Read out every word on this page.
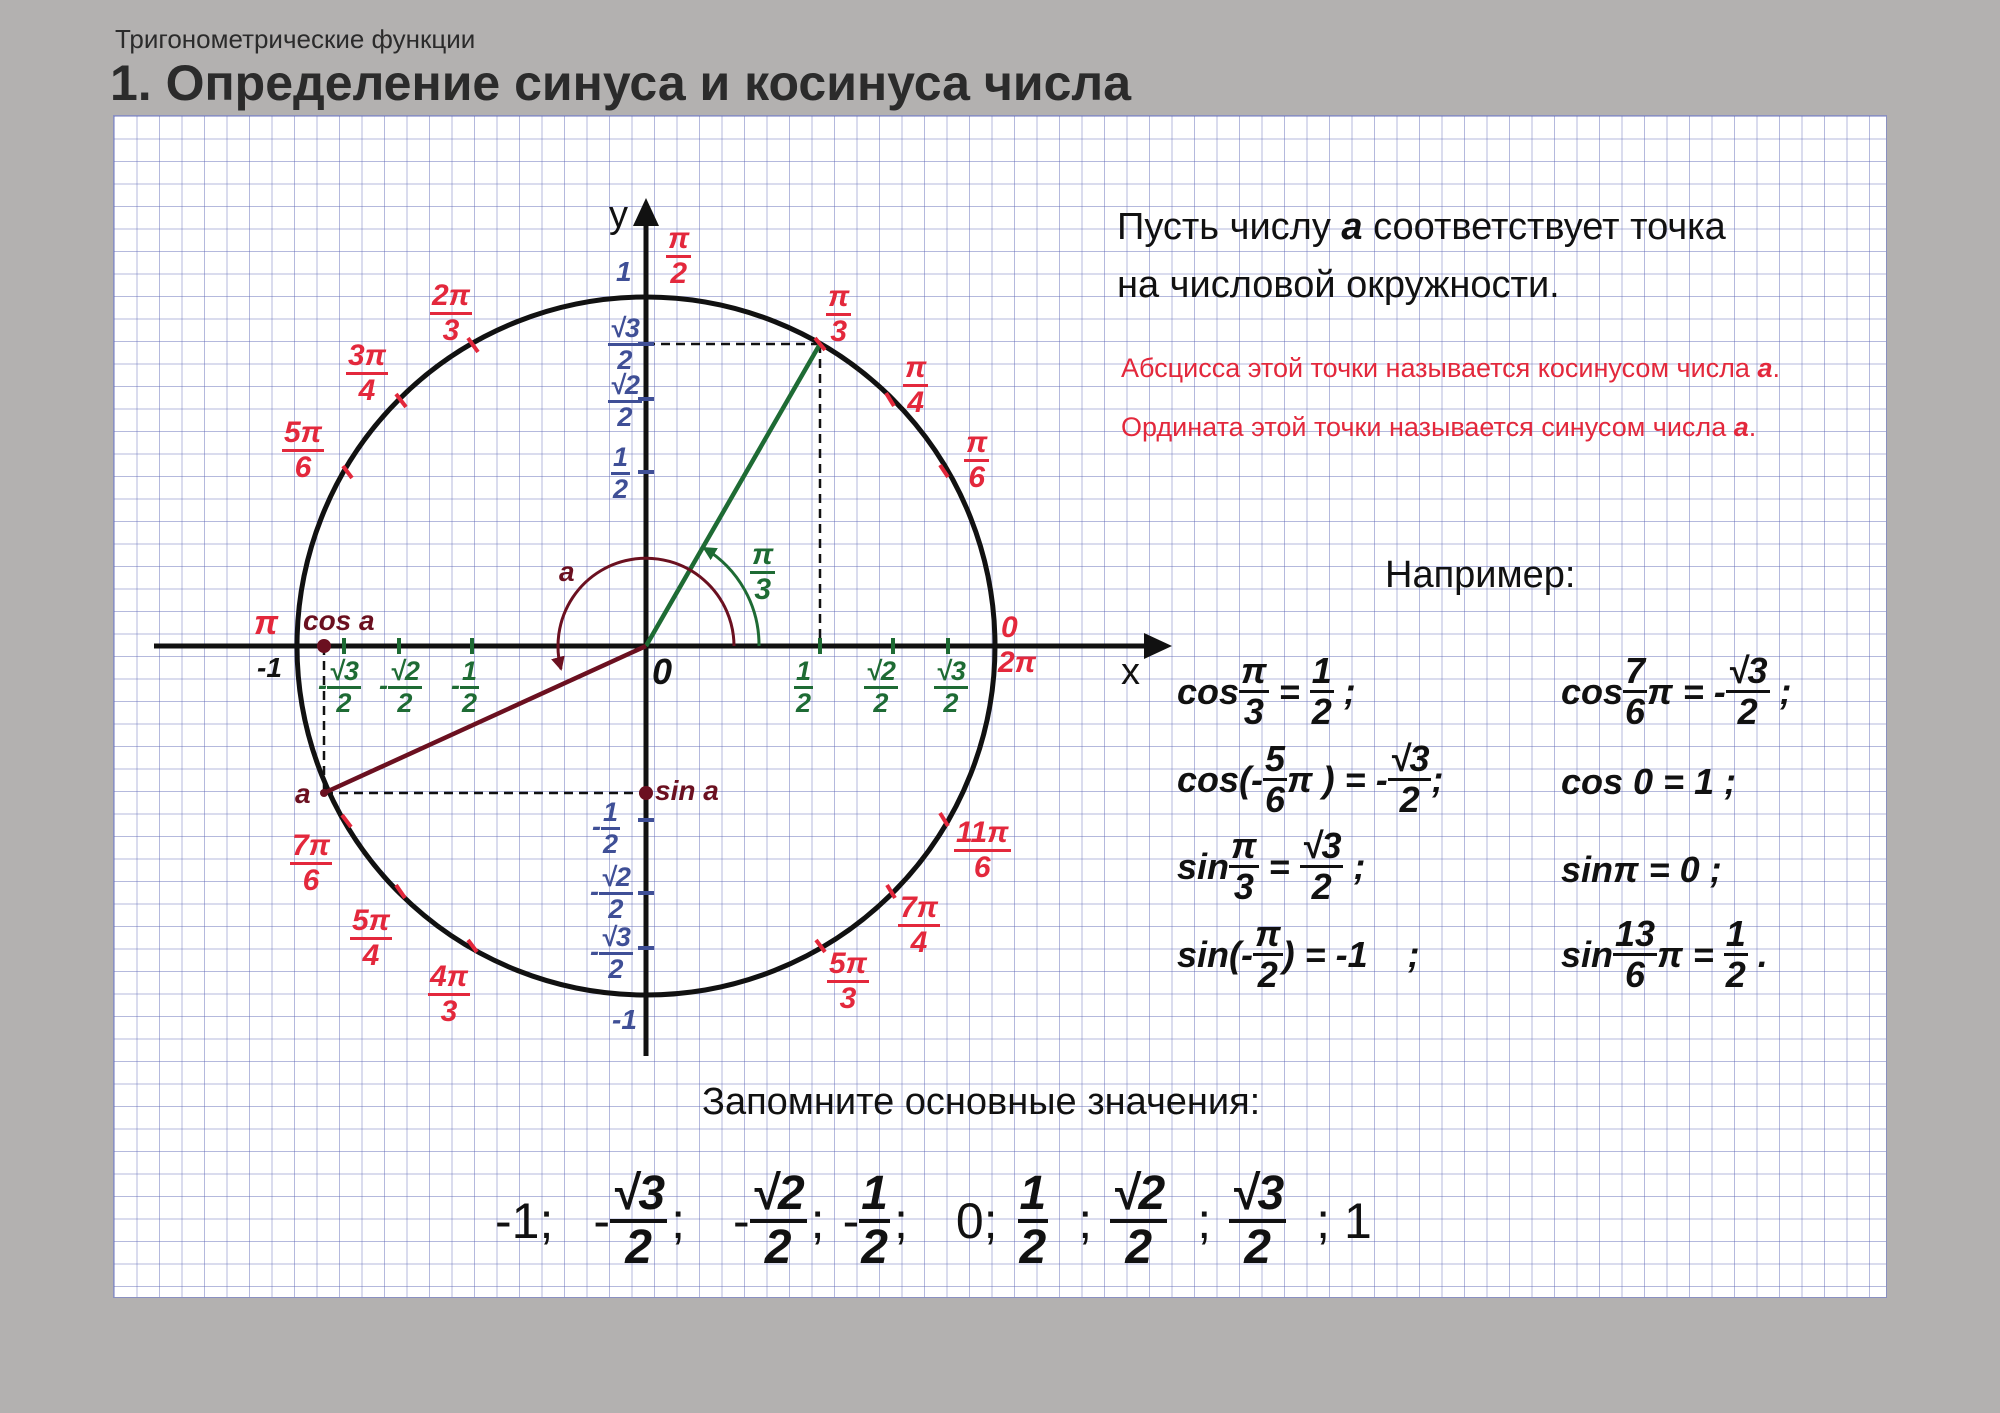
Тригонометрические функции
1. Определение синуса и косинуса числа
y
x
0
$\frac{\pi}{2}$
$\frac{\pi}{3}$
$\frac{\pi}{4}$
$\frac{\pi}{6}$
$\frac{2\pi}{3}$
$\frac{3\pi}{4}$
$\frac{5\pi}{6}$
$\frac{7\pi}{6}$
$\frac{5\pi}{4}$
$\frac{4\pi}{3}$	$\frac{5\pi}{3}$
$\frac{7\pi}{4}$
$\frac{11\pi}{6}$
π	0
2π
cos a
sin a
a
a	$\frac{\pi}{3}$
-1
1
-1
$\frac{1}{2} \frac{√2}{2} \frac{√3}{2}$
- $\frac{1}{2}$
- $\frac{√2}{2}$
- $\frac{√3}{2}$
$\frac{√3}{2}$
$\frac{√2}{2}$
$\frac{1}{2}$
- $\frac{1}{2}$
- $\frac{√2}{2}$
- $\frac{√3}{2}$
Пусть числу а соответствует точка
на числовой окружности.
Абсцисса этой точки называется косинусом числа а.
Ордината этой точки называется синусом числа а.
Например:
$\cos \frac{\pi}{3} = \frac{1}{2}$ ;
$\cos(- \frac{5}{6}$ π ) = - $\frac{√3}{2}$ ;
$\sin \frac{\pi}{3} = \frac{√3}{2}$ ;
$\sin(- \frac{\pi}{2}$ ) = -1    ;
$\cos \frac{7}{6}$ π = - $\frac{√3}{2}$ ;
cos 0 = 1 ;
sinπ = 0 ;
$\sin \frac{13}{6}$ $\pi = \frac{1}{2}$ .
Запомните основные значения:
-1; - $\frac{√3}{2}$ ; - $\frac{√2}{2}$ ; - $\frac{1}{2}$ ; 0; $\frac{1}{2}$ ; $\frac{√2}{2}$ ; $\frac{√3}{2}$ ; 1
